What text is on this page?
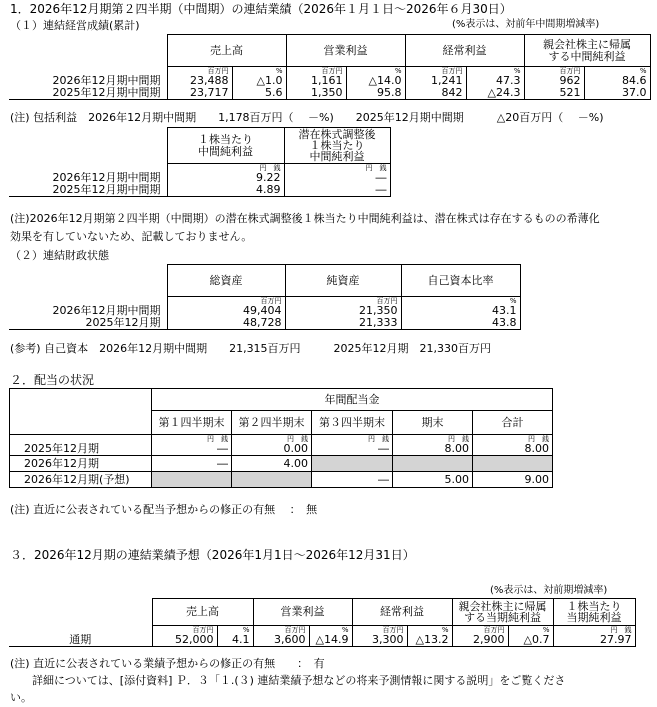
1．2026年12月期第２四半期（中間期）の連結業績（2026年１月１日～2026年６月30日）
（１）連結経営成績(累計)	(%表示は、対前年中間期増減率)
	売上高		営業利益		経常利益		親会社株主に帰属
する中間純利益	
	百万円	%	百万円	%	百万円	%	百万円	%
2026年12月期中間期	23,488	△1.0	1,161	△14.0	1,241	47.3	962	84.6
2025年12月期中間期	23,717	5.6	1,350	95.8	842	△24.3	521	37.0
(注) 包括利益　2026年12月期中間期　　1,178百万円（　 －%)　　2025年12月期中間期　　　△20百万円（　 －%)
	１株当たり
中間純利益	潜在株式調整後
１株当たり
中間純利益
	円　 銭	円　 銭
2026年12月期中間期	9.22	―
2025年12月期中間期	4.89	―
(注)2026年12月期第２四半期（中間期）の潜在株式調整後１株当たり中間純利益は、潜在株式は存在するものの希薄化
効果を有していないため、記載しておりません。
（２）連結財政状態
	総資産	純資産	自己資本比率
	百万円	百万円	%
2026年12月期中間期	49,404	21,350	43.1
2025年12月期	48,728	21,333	43.8
(参考) 自己資本　2026年12月期中間期　　21,315百万円　　　2025年12月期　21,330百万円
２．配当の状況
	年間配当金				
	第１四半期末	第２四半期末	第３四半期末	期末	合計
	円　 銭	円　 銭	円　 銭	円　 銭	円　 銭
2025年12月期	―	0.00	―	8.00	8.00
2026年12月期	―	4.00			
2026年12月期(予想)			―	5.00	9.00
(注) 直近に公表されている配当予想からの修正の有無　 ：　無
３．2026年12月期の連結業績予想（2026年1月1日～2026年12月31日）
(%表示は、対前期増減率)
	売上高		営業利益		経常利益		親会社株主に帰属
する当期純利益		１株当たり
当期純利益
	百万円	%	百万円	%	百万円	%	百万円	%	円　 銭
通期	52,000	4.1	3,600	△14.9	3,300	△13.2	2,900	△0.7	27.97
(注) 直近に公表されている業績予想からの修正の有無　　：　有
　　詳細については、[添付資料] Ｐ．３「１.(３) 連結業績予想などの将来予測情報に関する説明」をご覧くださ
い。
